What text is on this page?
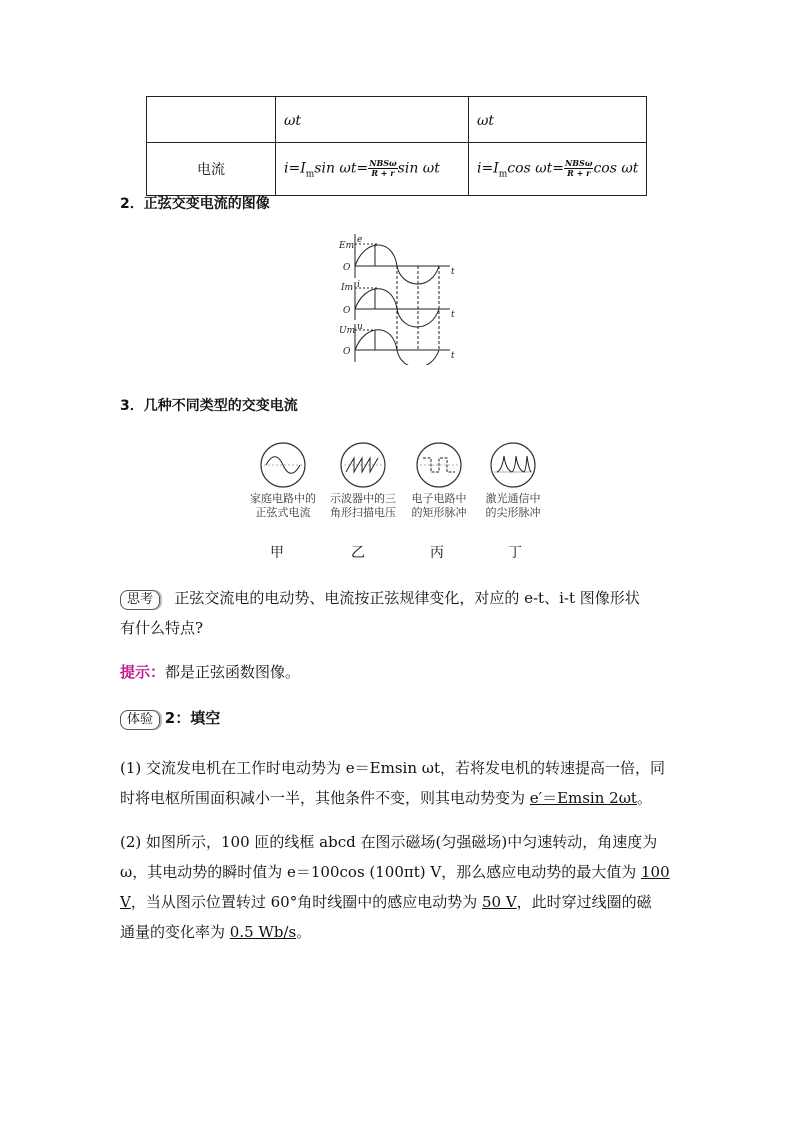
	ωt	ωt
电流	$i=I_m\sin$ $\omega t= \frac{\text{NBSω}}{R + r}$ sin ωt	$i=I_m\cos$ $\omega t= \frac{\text{NBSω}}{R + r}$ cos ωt
2．正弦交变电流的图像
Em
e
O	t
Im i
O	t
Um u
O	t
3．几种不同类型的交变电流
家庭电路中的
正弦式电流
示波器中的三
角形扫描电压
电子电路中
的矩形脉冲
激光通信中
的尖形脉冲
甲	乙	丙	丁
思考 正弦交流电的电动势、电流按正弦规律变化，对应的 e-t、i-t 图像形状
有什么特点?
提示：都是正弦函数图像。
体验 2：填空
(1) 交流发电机在工作时电动势为 e＝Emsin ωt，若将发电机的转速提高一倍，同
时将电枢所围面积减小一半，其他条件不变，则其电动势变为 e′＝Emsin 2ωt。
(2) 如图所示，100 匝的线框 abcd 在图示磁场(匀强磁场)中匀速转动，角速度为
ω，其电动势的瞬时值为 e＝100cos (100πt) V，那么感应电动势的最大值为 100
V，当从图示位置转过 60°角时线圈中的感应电动势为 50 V，此时穿过线圈的磁
通量的变化率为 0.5 Wb/s。
